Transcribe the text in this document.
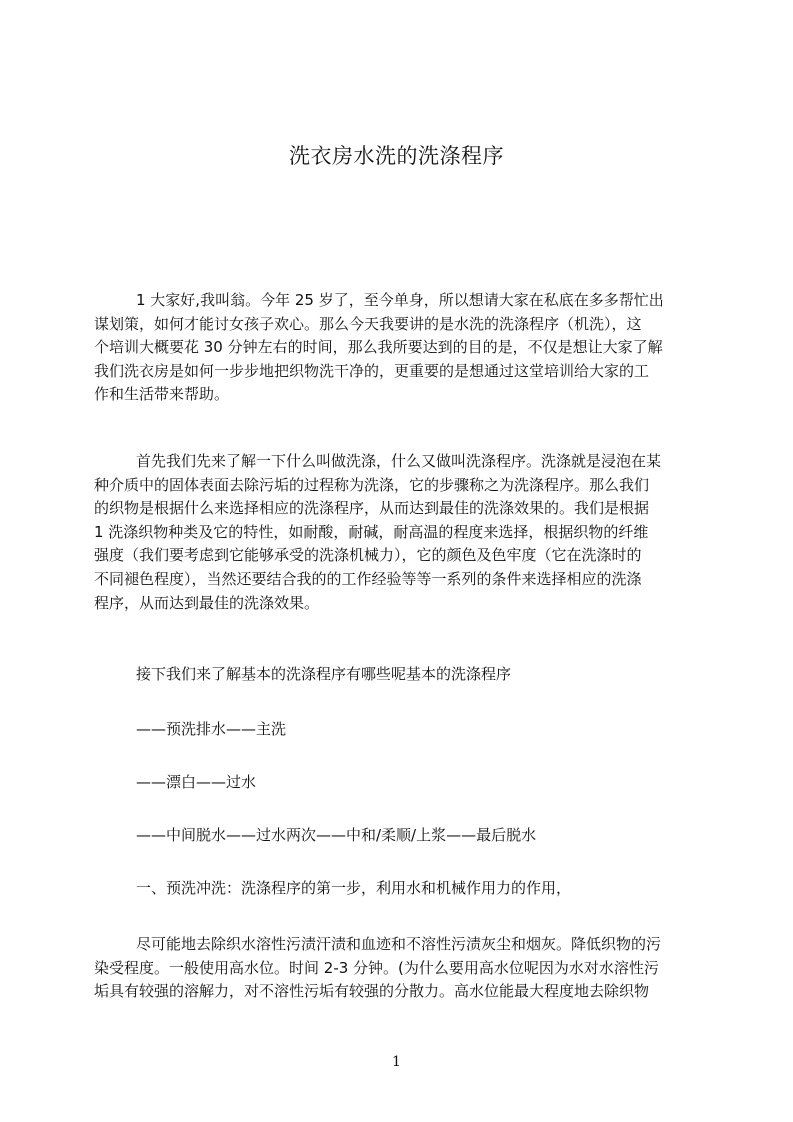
洗衣房水洗的洗涤程序
1 大家好,我叫翁。今年 25 岁了，至今单身，所以想请大家在私底在多多帮忙出
谋划策，如何才能讨女孩子欢心。那么今天我要讲的是水洗的洗涤程序（机洗），这
个培训大概要花 30 分钟左右的时间，那么我所要达到的目的是，不仅是想让大家了解
我们洗衣房是如何一步步地把织物洗干净的，更重要的是想通过这堂培训给大家的工
作和生活带来帮助。
首先我们先来了解一下什么叫做洗涤，什么又做叫洗涤程序。洗涤就是浸泡在某
种介质中的固体表面去除污垢的过程称为洗涤，它的步骤称之为洗涤程序。那么我们
的织物是根据什么来选择相应的洗涤程序，从而达到最佳的洗涤效果的。我们是根据
1 洗涤织物种类及它的特性，如耐酸，耐碱，耐高温的程度来选择，根据织物的纤维
强度（我们要考虑到它能够承受的洗涤机械力），它的颜色及色牢度（它在洗涤时的
不同褪色程度），当然还要结合我的的工作经验等等一系列的条件来选择相应的洗涤
程序，从而达到最佳的洗涤效果。
接下我们来了解基本的洗涤程序有哪些呢基本的洗涤程序
——预洗排水——主洗
——漂白——过水
——中间脱水——过水两次——中和/柔顺/上浆——最后脱水
一、预洗冲洗：洗涤程序的第一步，利用水和机械作用力的作用，
尽可能地去除织水溶性污渍汗渍和血迹和不溶性污渍灰尘和烟灰。降低织物的污
染受程度。一般使用高水位。时间 2-3 分钟。(为什么要用高水位呢因为水对水溶性污
垢具有较强的溶解力，对不溶性污垢有较强的分散力。高水位能最大程度地去除织物
1
